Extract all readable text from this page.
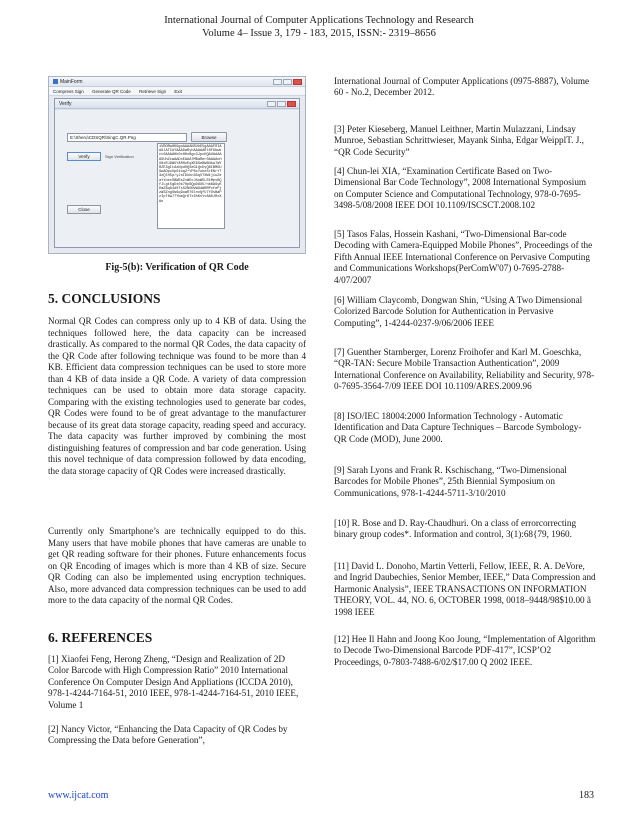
International Journal of Computer Applications Technology and Research
Volume 4– Issue 3, 179 - 183, 2015, ISSN:- 2319–8656
MainForm
Compress Sign Generate QR Code Retrieve Sign Exit
Verify
E:\Sheru\CDSQR\SingC.QR.Png	Browse
Verify	Sign Verification
iVBORw0KGgoAAAANSUhEUgAAAFRIAAAlATCAYAAADwRyhAAAAARl0FGbwkct6AAAAHh0cHHxBgc3JpcHQAUAAAAASUhZcwAADxEAAA7MBaRer0AAAAcHX0xRJ9WUY8RHzEqXE6SeBW8Hkw7WYRZE3gItAzNpdOQSeG1QcDyQ8IBMGU9wAOpxXpGtoq2+YP8cYuheSrENrYT3zQlH5p/yJoIDkkn3GqV7XW1jiuZeaYthecSBWSsZxWEcJAoW5LRtMpv8QfJLgt5gDx0k70p6QpD8XU/nb6AGyKDmZ8qG4d0TsS2NONvWGdW0RPxfePjzW3ZngSb6q9uaRT6lnvQfU7YOsBaPzIpT6w77YbmQr6Tx3hKsYv8A0JRxXAn
Close
Fig-5(b): Verification of QR Code
5. CONCLUSIONS

Normal QR Codes can compress only up to 4 KB of data. Using the techniques followed here, the data capacity can be increased drastically. As compared to the normal QR Codes, the data capacity of the QR Code after following technique was found to be more than 4 KB. Efficient data compression techniques can be used to store more than 4 KB of data inside a QR Code. A variety of data compression techniques can be used to obtain more data storage capacity. Comparing with the existing technologies used to generate bar codes, QR Codes were found to be of great advantage to the manufacturer because of its great data storage capacity, reading speed and accuracy. The data capacity was further improved by combining the most distinguishing features of compression and bar code generation. Using this novel technique of data compression followed by data encoding, the data storage capacity of QR Codes were increased drastically.

Currently only Smartphone’s are technically equipped to do this. Many users that have mobile phones that have cameras are unable to get QR reading software for their phones. Future enhancements focus on QR Encoding of images which is more than 4 KB of size. Secure QR Coding can also be implemented using encryption techniques. Also, more advanced data compression techniques can be used to add more to the data capacity of the normal QR Codes.

6. REFERENCES

[1] Xiaofei Feng, Herong Zheng, “Design and Realization of 2D Color Barcode with High Compression Ratio” 2010 International Conference On Computer Design And Appliations (ICCDA 2010), 978-1-4244-7164-51, 2010 IEEE, 978-1-4244-7164-51, 2010 IEEE, Volume 1

[2] Nancy Victor, “Enhancing the Data Capacity of QR Codes by Compressing the Data before Generation”,

International Journal of Computer Applications (0975-8887), Volume 60 - No.2, December 2012.

[3] Peter Kieseberg, Manuel Leithner, Martin Mulazzani, Lindsay Munroe, Sebastian Schrittwieser, Mayank Sinha, Edgar WeipplT. J., “QR Code Security”

[4] Chun-lei XIA, “Examination Certificate Based on Two-Dimensional Bar Code Technology”, 2008 International Symposium on Computer Science and Computational Technology, 978-0-7695-3498-5/08/2008 IEEE DOI 10.1109/ISCSCT.2008.102

[5] Tasos Falas, Hossein Kashani, “Two-Dimensional Bar-code Decoding with Camera-Equipped Mobile Phones”, Proceedings of the Fifth Annual IEEE International Conference on Pervasive Computing and Communications Workshops(PerComW'07) 0-7695-2788-4/07/2007

[6] William Claycomb, Dongwan Shin, “Using A Two Dimensional Colorized Barcode Solution for Authentication in Pervasive Computing”, 1-4244-0237-9/06/2006 IEEE

[7] Guenther Starnberger, Lorenz Froihofer and Karl M. Goeschka, “QR-TAN: Secure Mobile Transaction Authentication”, 2009 International Conference on Availability, Reliability and Security, 978-0-7695-3564-7/09 IEEE DOI 10.1109/ARES.2009.96

[8] ISO/IEC 18004:2000 Information Technology - Automatic Identification and Data Capture Techniques – Barcode Symbology- QR Code (MOD), June 2000.

[9] Sarah Lyons and Frank R. Kschischang, “Two-Dimensional Barcodes for Mobile Phones”, 25th Biennial Symposium on Communications, 978-1-4244-5711-3/10/2010

[10] R. Bose and D. Ray-Chaudhuri. On a class of errorcorrecting binary group codes*. Information and control, 3(1):68{79, 1960.

[11] David L. Donoho, Martin Vetterli, Fellow, IEEE, R. A. DeVore, and Ingrid Daubechies, Senior Member, IEEE,” Data Compression and Harmonic Analysis”, IEEE TRANSACTIONS ON INFORMATION THEORY, VOL. 44, NO. 6, OCTOBER 1998, 0018–9448/98$10.00 ã 1998 IEEE

[12] Hee Il Hahn and Joong Koo Joung, “Implementation of Algorithm to Decode Two-Dimensional Barcode PDF-417”, ICSP’O2 Proceedings, 0-7803-7488-6/02/$17.00 Q 2002 IEEE.

www.ijcat.com	183
